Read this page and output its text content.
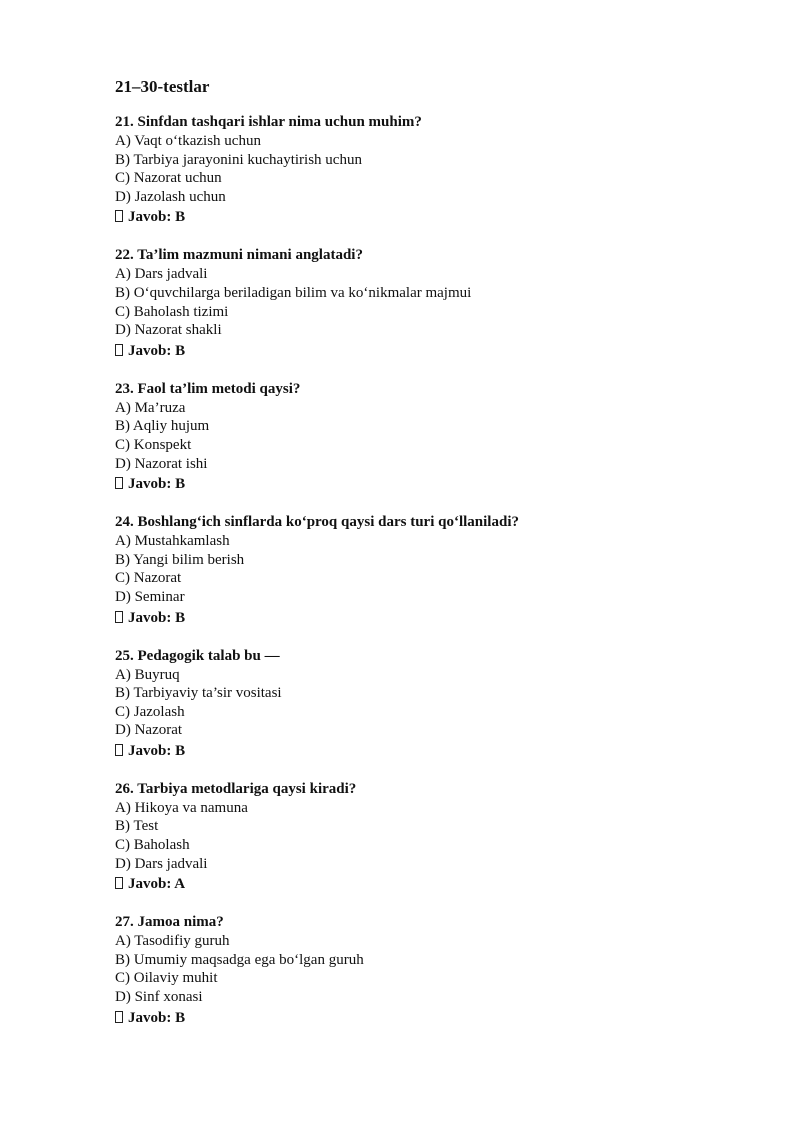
21–30-testlar

21. Sinfdan tashqari ishlar nima uchun muhim?

A) Vaqt o‘tkazish uchun

B) Tarbiya jarayonini kuchaytirish uchun

C) Nazorat uchun

D) Jazolash uchun

Javob: B

22. Ta’lim mazmuni nimani anglatadi?

A) Dars jadvali

B) O‘quvchilarga beriladigan bilim va ko‘nikmalar majmui

C) Baholash tizimi

D) Nazorat shakli

Javob: B

23. Faol ta’lim metodi qaysi?

A) Ma’ruza

B) Aqliy hujum

C) Konspekt

D) Nazorat ishi

Javob: B

24. Boshlang‘ich sinflarda ko‘proq qaysi dars turi qo‘llaniladi?

A) Mustahkamlash

B) Yangi bilim berish

C) Nazorat

D) Seminar

Javob: B

25. Pedagogik talab bu —

A) Buyruq

B) Tarbiyaviy ta’sir vositasi

C) Jazolash

D) Nazorat

Javob: B

26. Tarbiya metodlariga qaysi kiradi?

A) Hikoya va namuna

B) Test

C) Baholash

D) Dars jadvali

Javob: A

27. Jamoa nima?

A) Tasodifiy guruh

B) Umumiy maqsadga ega bo‘lgan guruh

C) Oilaviy muhit

D) Sinf xonasi

Javob: B
